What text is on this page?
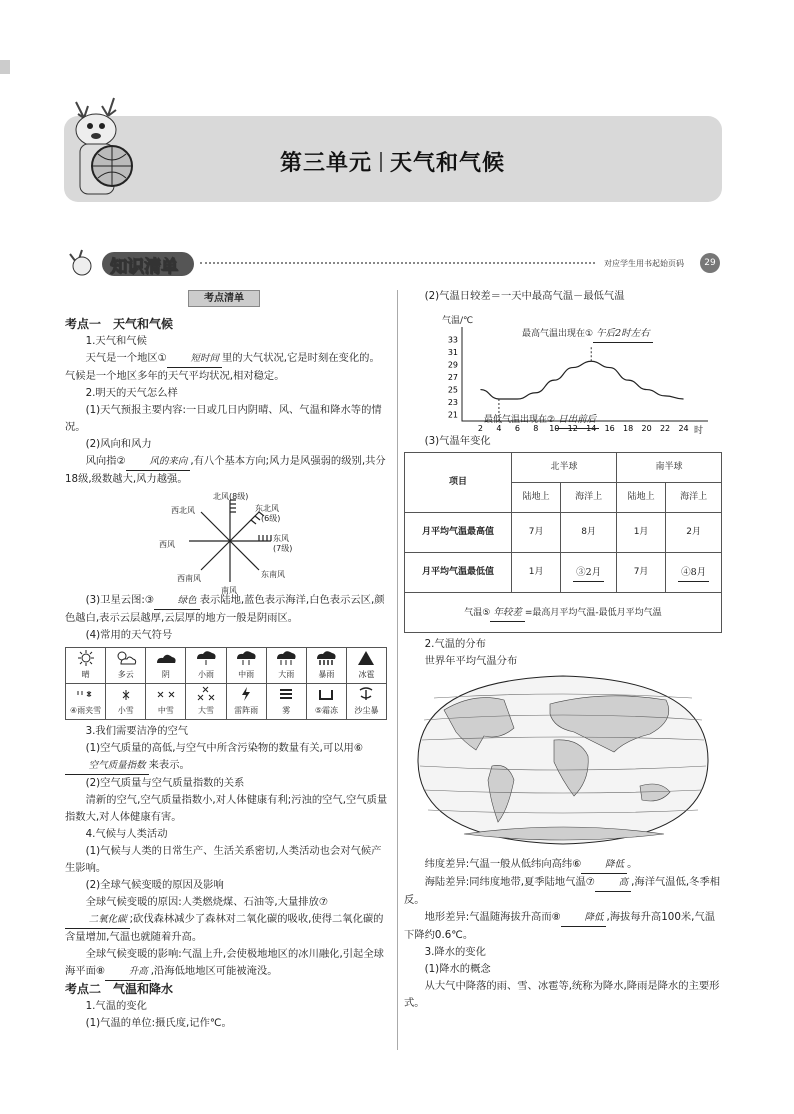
第三单元 天气和气候
知识清单	对应学生用书起始页码	29
考点清单

考点一　天气和气候

1.天气和气候

天气是一个地区① 短时间 里的大气状况,它是时刻在变化的。气候是一个地区多年的天气平均状况,相对稳定。

2.明天的天气怎么样

(1)天气预报主要内容:一日或几日内阴晴、风、气温和降水等的情况。

(2)风向和风力

风向指② 风的来向 ,有八个基本方向;风力是风强弱的级别,共分18级,级数越大,风力越强。

北风(8级)
东北风
(6级)
西北风
西风
东风
(7级)
西南风	东南风
南风

(3)卫星云图:③ 绿色 表示陆地,蓝色表示海洋,白色表示云区,颜色越白,表示云层越厚,云层厚的地方一般是阴雨区。

(4)常用的天气符号

晴	多云	阴	小雨	中雨	大雨	暴雨	冰雹

④雨夹雪	小雪	中雪	大雪	雷阵雨	雾	⑤霜冻	沙尘暴

3.我们需要洁净的空气

(1)空气质量的高低,与空气中所含污染物的数量有关,可以用⑥空气质量指数 来表示。

(2)空气质量与空气质量指数的关系

清新的空气,空气质量指数小,对人体健康有利;污浊的空气,空气质量指数大,对人体健康有害。

4.气候与人类活动

(1)气候与人类的日常生产、生活关系密切,人类活动也会对气候产生影响。

(2)全球气候变暖的原因及影响

全球气候变暖的原因:人类燃烧煤、石油等,大量排放⑦二氧化碳 ;砍伐森林减少了森林对二氧化碳的吸收,使得二氧化碳的含量增加,气温也就随着升高。

全球气候变暖的影响:气温上升,会使极地地区的冰川融化,引起全球海平面⑧ 升高 ,沿海低地地区可能被淹没。

考点二　气温和降水

1.气温的变化

(1)气温的单位:摄氏度,记作℃。

(2)气温日较差＝一天中最高气温－最低气温

33
31
29
27
25
23
21
2 4 6 8 10 12 14 16 18 20 22 24
气温/℃
最高气温出现在① 午后2时左右
最低气温出现在② 日出前后
时

(3)气温年变化

项目	北半球		南半球	
	陆地上	海洋上	陆地上	海洋上
月平均气温最高值	7月	8月	1月	2月
月平均气温最低值	1月	③2月	7月	④8月
气温⑤ 年较差 =最高月平均气温-最低月平均气温				

2.气温的分布

世界年平均气温分布

纬度差异:气温一般从低纬向高纬⑥ 降低 。

海陆差异:同纬度地带,夏季陆地气温⑦ 高 ,海洋气温低,冬季相反。

地形差异:气温随海拔升高而⑧ 降低 ,海拔每升高100米,气温下降约0.6℃。

3.降水的变化

(1)降水的概念

从大气中降落的雨、雪、冰雹等,统称为降水,降雨是降水的主要形式。
